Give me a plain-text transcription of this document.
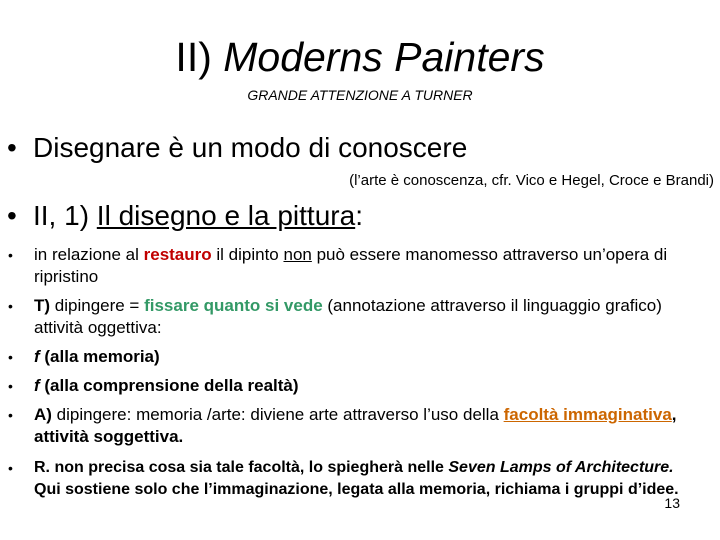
II) Moderns Painters
GRANDE ATTENZIONE A TURNER
• Disegnare è un modo di conoscere
(l’arte è conoscenza, cfr. Vico e Hegel, Croce e Brandi)
• II, 1) Il disegno e la pittura:
• in relazione al restauro il dipinto non può essere manomesso attraverso un’opera di ripristino
• T) dipingere = fissare quanto si vede (annotazione attraverso il linguaggio grafico) attività oggettiva:
• f (alla memoria)
• f (alla comprensione della realtà)
• A) dipingere: memoria /arte: diviene arte attraverso l’uso della facoltà immaginativa, attività soggettiva.
• R. non precisa cosa sia tale facoltà, lo spiegherà nelle Seven Lamps of Architecture. Qui sostiene solo che l’immaginazione, legata alla memoria, richiama i gruppi d’idee.
13
